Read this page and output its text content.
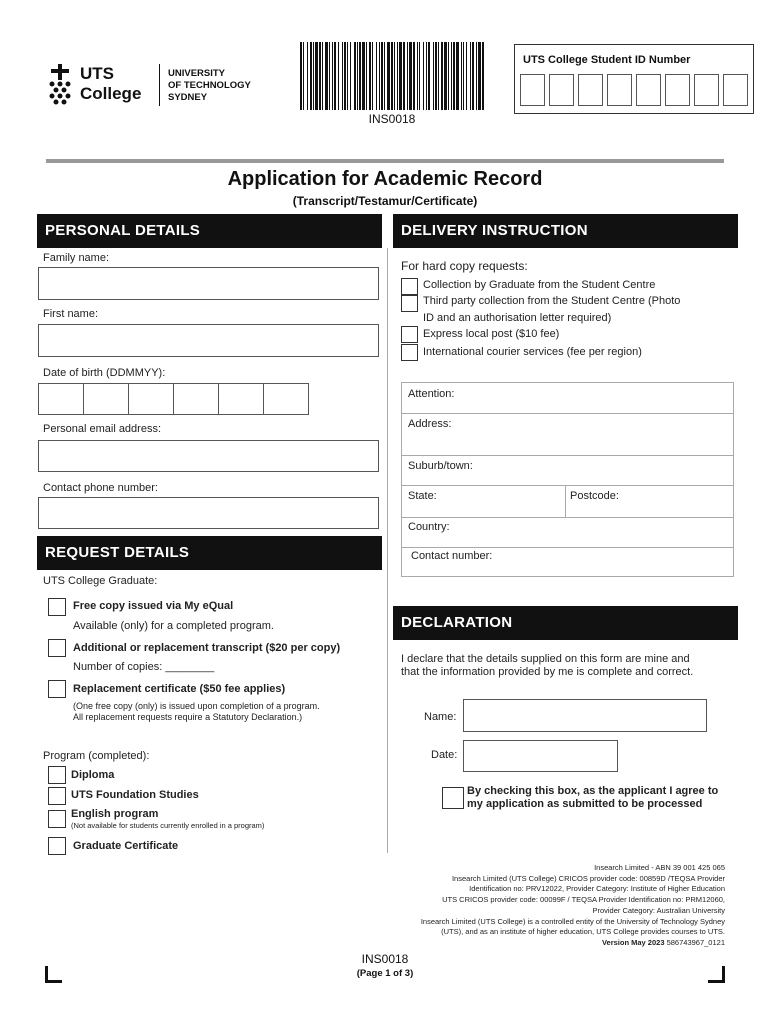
UTS
College
UNIVERSITY
OF TECHNOLOGY
SYDNEY
INS0018
UTS College Student ID Number
Application for Academic Record
(Transcript/Testamur/Certificate)
PERSONAL DETAILS
Family name:
First name:
Date of birth (DDMMYY):
Personal email address:
Contact phone number:
REQUEST DETAILS
UTS College Graduate:
Free copy issued via My eQual
Available (only) for a completed program.
Additional or replacement transcript ($20 per copy)
Number of copies: ________
Replacement certificate ($50 fee applies)
(One free copy (only) is issued upon completion of a program.
All replacement requests require a Statutory Declaration.)
Program (completed):
Diploma
UTS Foundation Studies
English program
(Not available for students currently enrolled in a program)
Graduate Certificate
DELIVERY INSTRUCTION
For hard copy requests:
Collection by Graduate from the Student Centre
Third party collection from the Student Centre (Photo
ID and an authorisation letter required)
Express local post ($10 fee)
International courier services (fee per region)
Attention:
Address:
Suburb/town:
State:	Postcode:
Country:
Contact number:
DECLARATION
I declare that the details supplied on this form are mine and
that the information provided by me is complete and correct.
Name:
Date:
By checking this box, as the applicant I agree to
my application as submitted to be processed
Insearch Limited - ABN 39 001 425 065
Insearch Limited (UTS College) CRICOS provider code: 00859D /TEQSA Provider
Identification no: PRV12022, Provider Category: Institute of Higher Education
UTS CRICOS provider code: 00099F / TEQSA Provider Identification no: PRM12060,
Provider Category: Australian University
Insearch Limited (UTS College) is a controlled entity of the University of Technology Sydney
(UTS), and as an institute of higher education, UTS College provides courses to UTS.
Version May 2023 586743967_0121
INS0018
(Page 1 of 3)
